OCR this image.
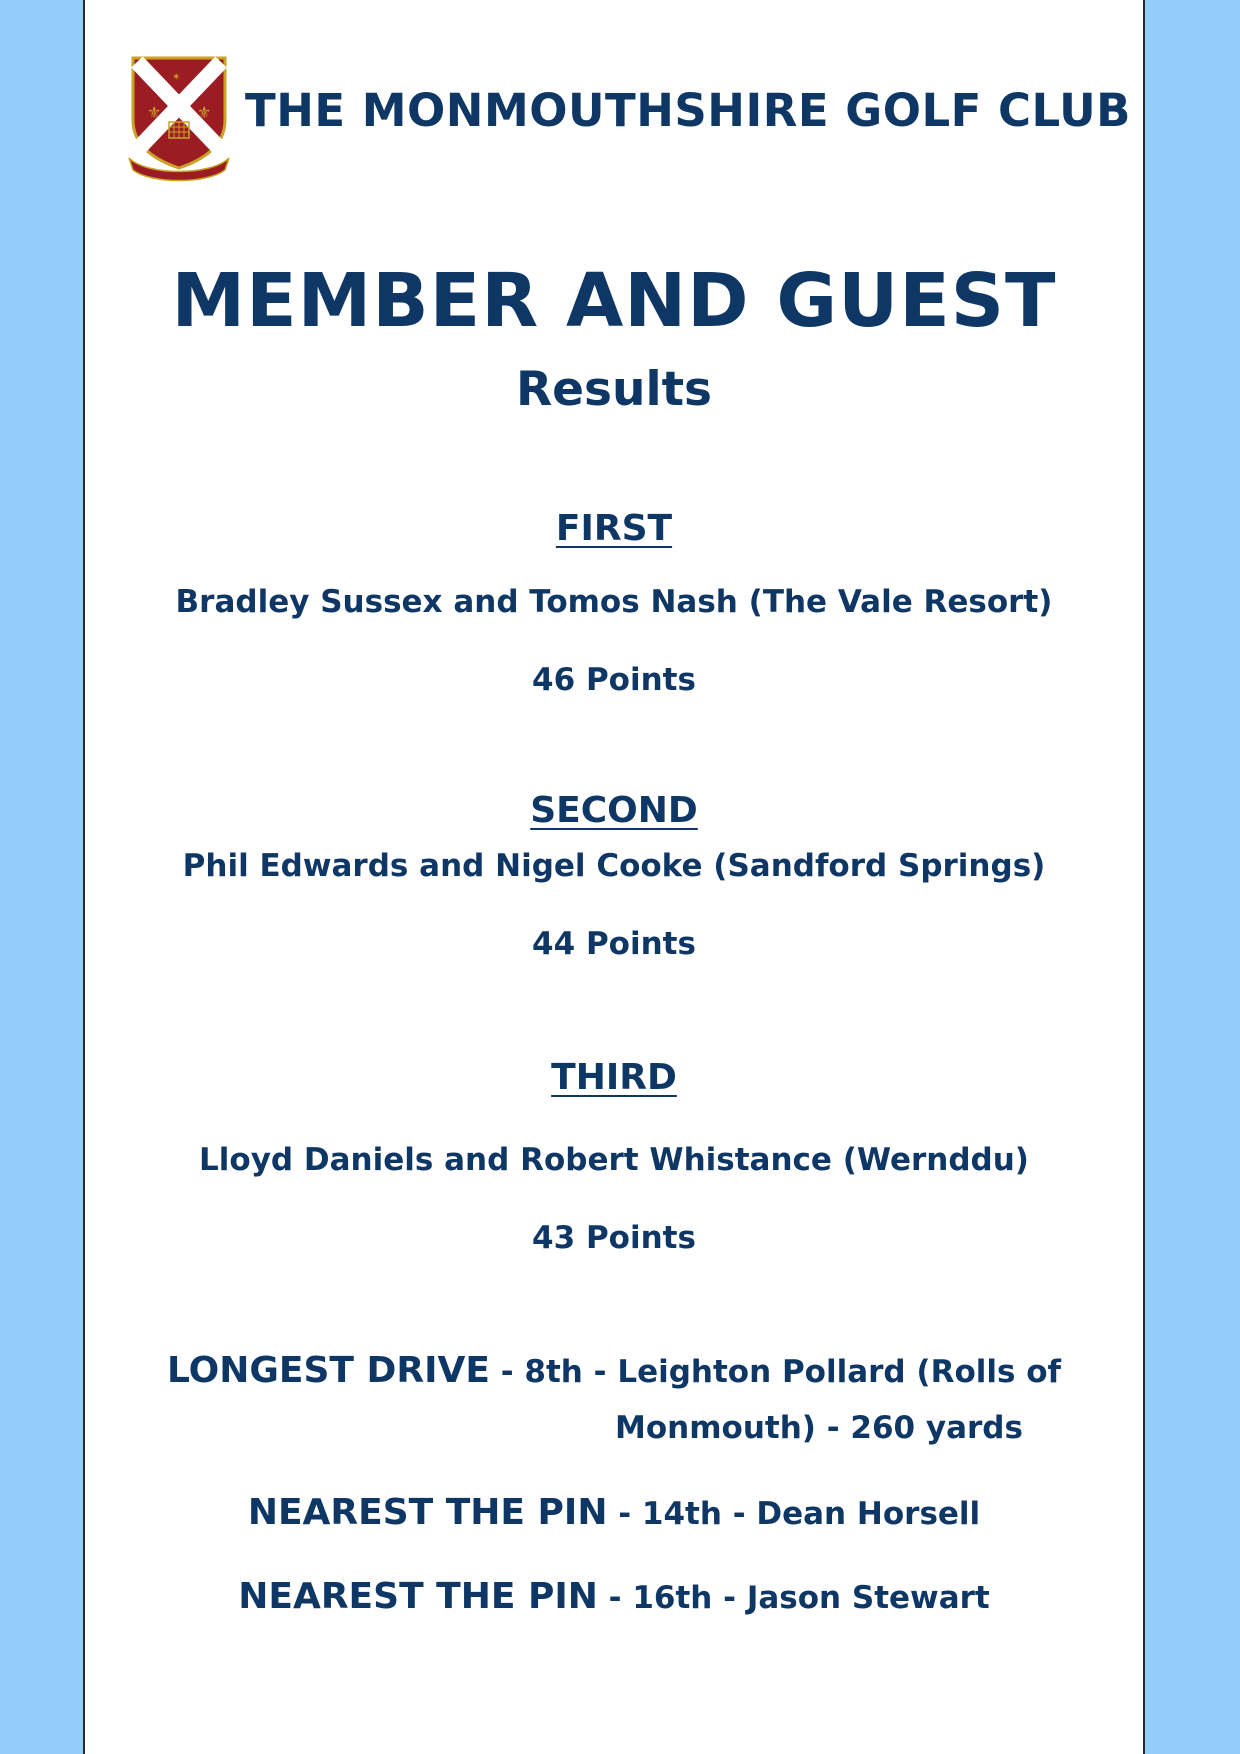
⚜ ⚜
✶
THE MONMOUTHSHIRE GOLF CLUB
MEMBER AND GUEST
Results
FIRST
Bradley Sussex and Tomos Nash (The Vale Resort)
46 Points
SECOND
Phil Edwards and Nigel Cooke (Sandford Springs)
44 Points
THIRD
Lloyd Daniels and Robert Whistance (Wernddu)
43 Points
LONGEST DRIVE - 8th - Leighton Pollard (Rolls of
Monmouth) - 260 yards
NEAREST THE PIN - 14th - Dean Horsell
NEAREST THE PIN - 16th - Jason Stewart
